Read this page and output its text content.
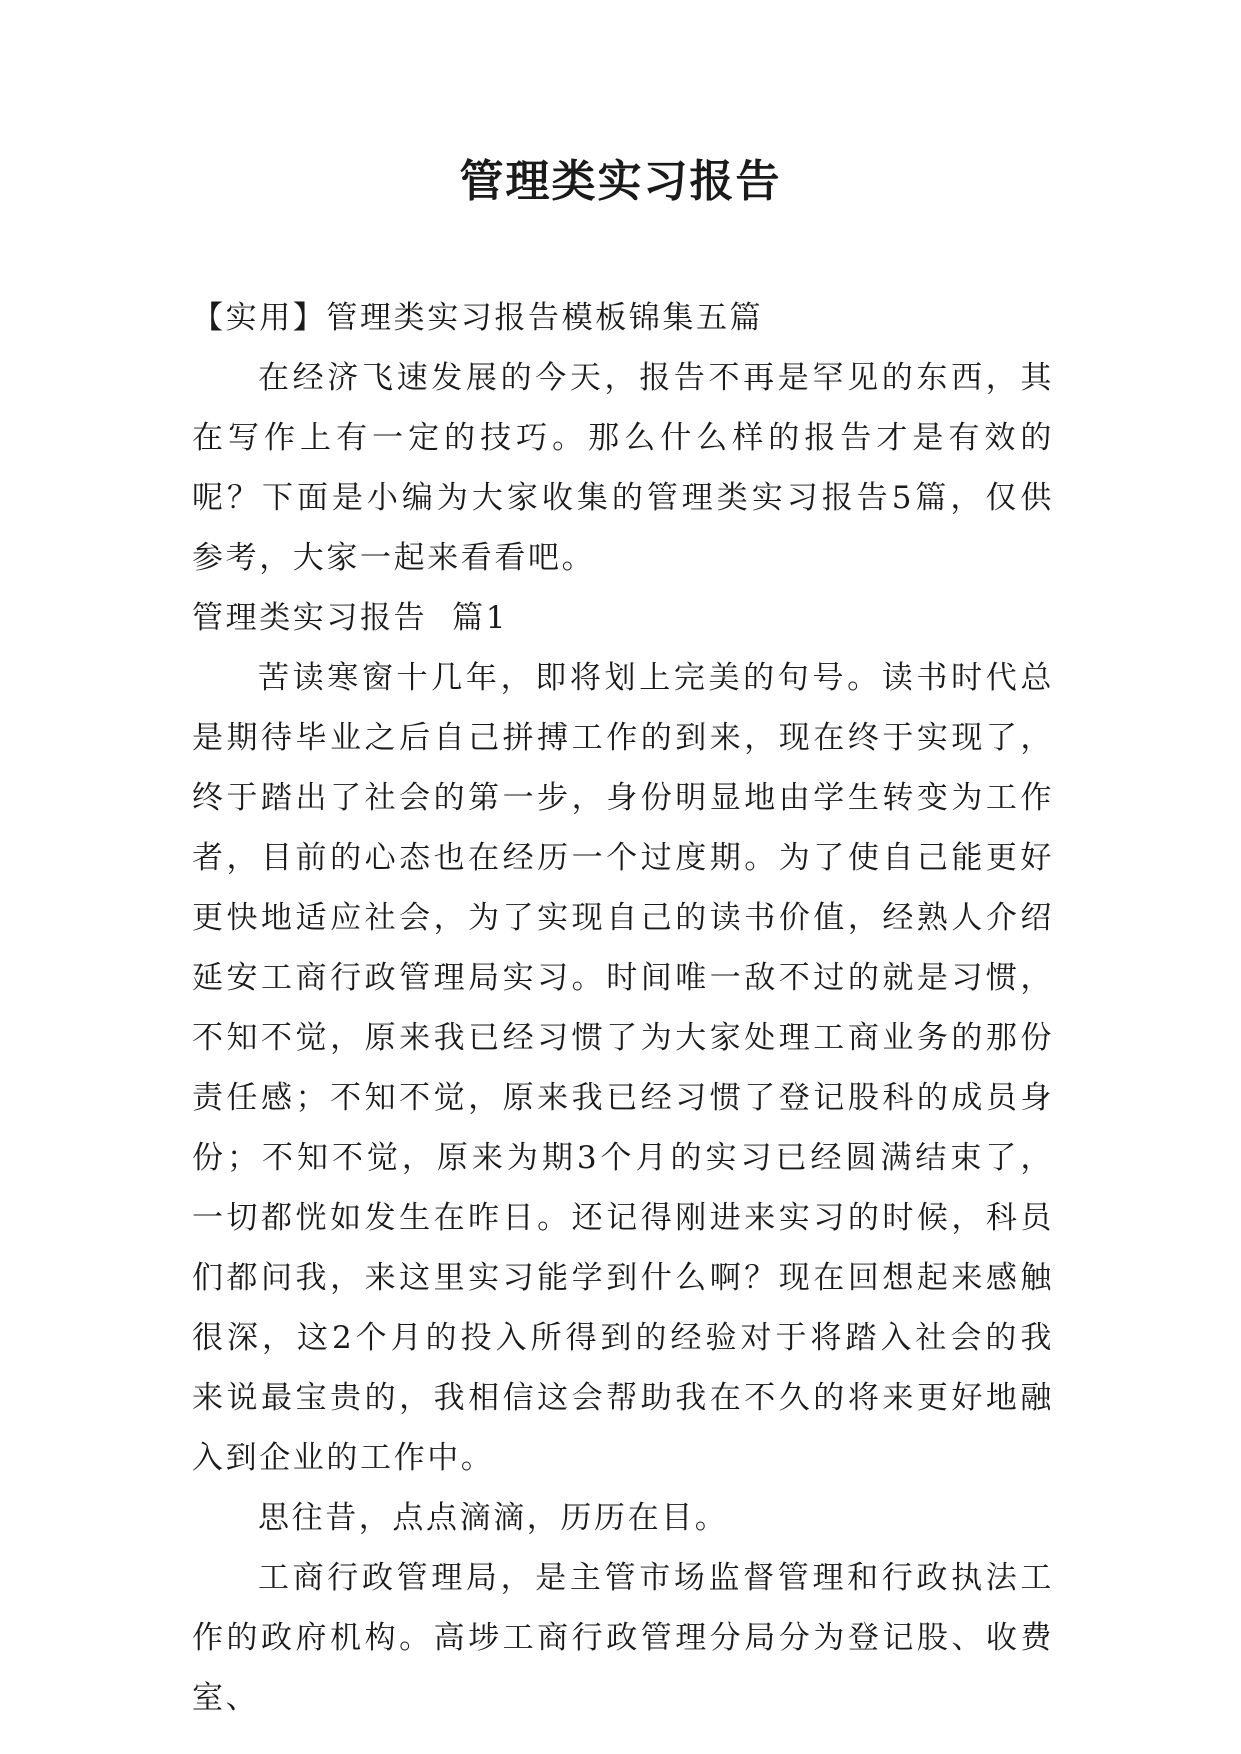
管理类实习报告

【实用】管理类实习报告模板锦集五篇

在经济飞速发展的今天，报告不再是罕见的东西，其在写作上有一定的技巧。那么什么样的报告才是有效的呢？下面是小编为大家收集的管理类实习报告5篇，仅供参考，大家一起来看看吧。

管理类实习报告  篇1

苦读寒窗十几年，即将划上完美的句号。读书时代总是期待毕业之后自己拼搏工作的到来，现在终于实现了，终于踏出了社会的第一步，身份明显地由学生转变为工作者，目前的心态也在经历一个过度期。为了使自己能更好更快地适应社会，为了实现自己的读书价值，经熟人介绍延安工商行政管理局实习。时间唯一敌不过的就是习惯，不知不觉，原来我已经习惯了为大家处理工商业务的那份责任感；不知不觉，原来我已经习惯了登记股科的成员身份；不知不觉，原来为期3个月的实习已经圆满结束了，一切都恍如发生在昨日。还记得刚进来实习的时候，科员们都问我，来这里实习能学到什么啊？现在回想起来感触很深，这2个月的投入所得到的经验对于将踏入社会的我来说最宝贵的，我相信这会帮助我在不久的将来更好地融入到企业的工作中。

思往昔，点点滴滴，历历在目。

工商行政管理局，是主管市场监督管理和行政执法工作的政府机构。高埗工商行政管理分局分为登记股、收费室、
